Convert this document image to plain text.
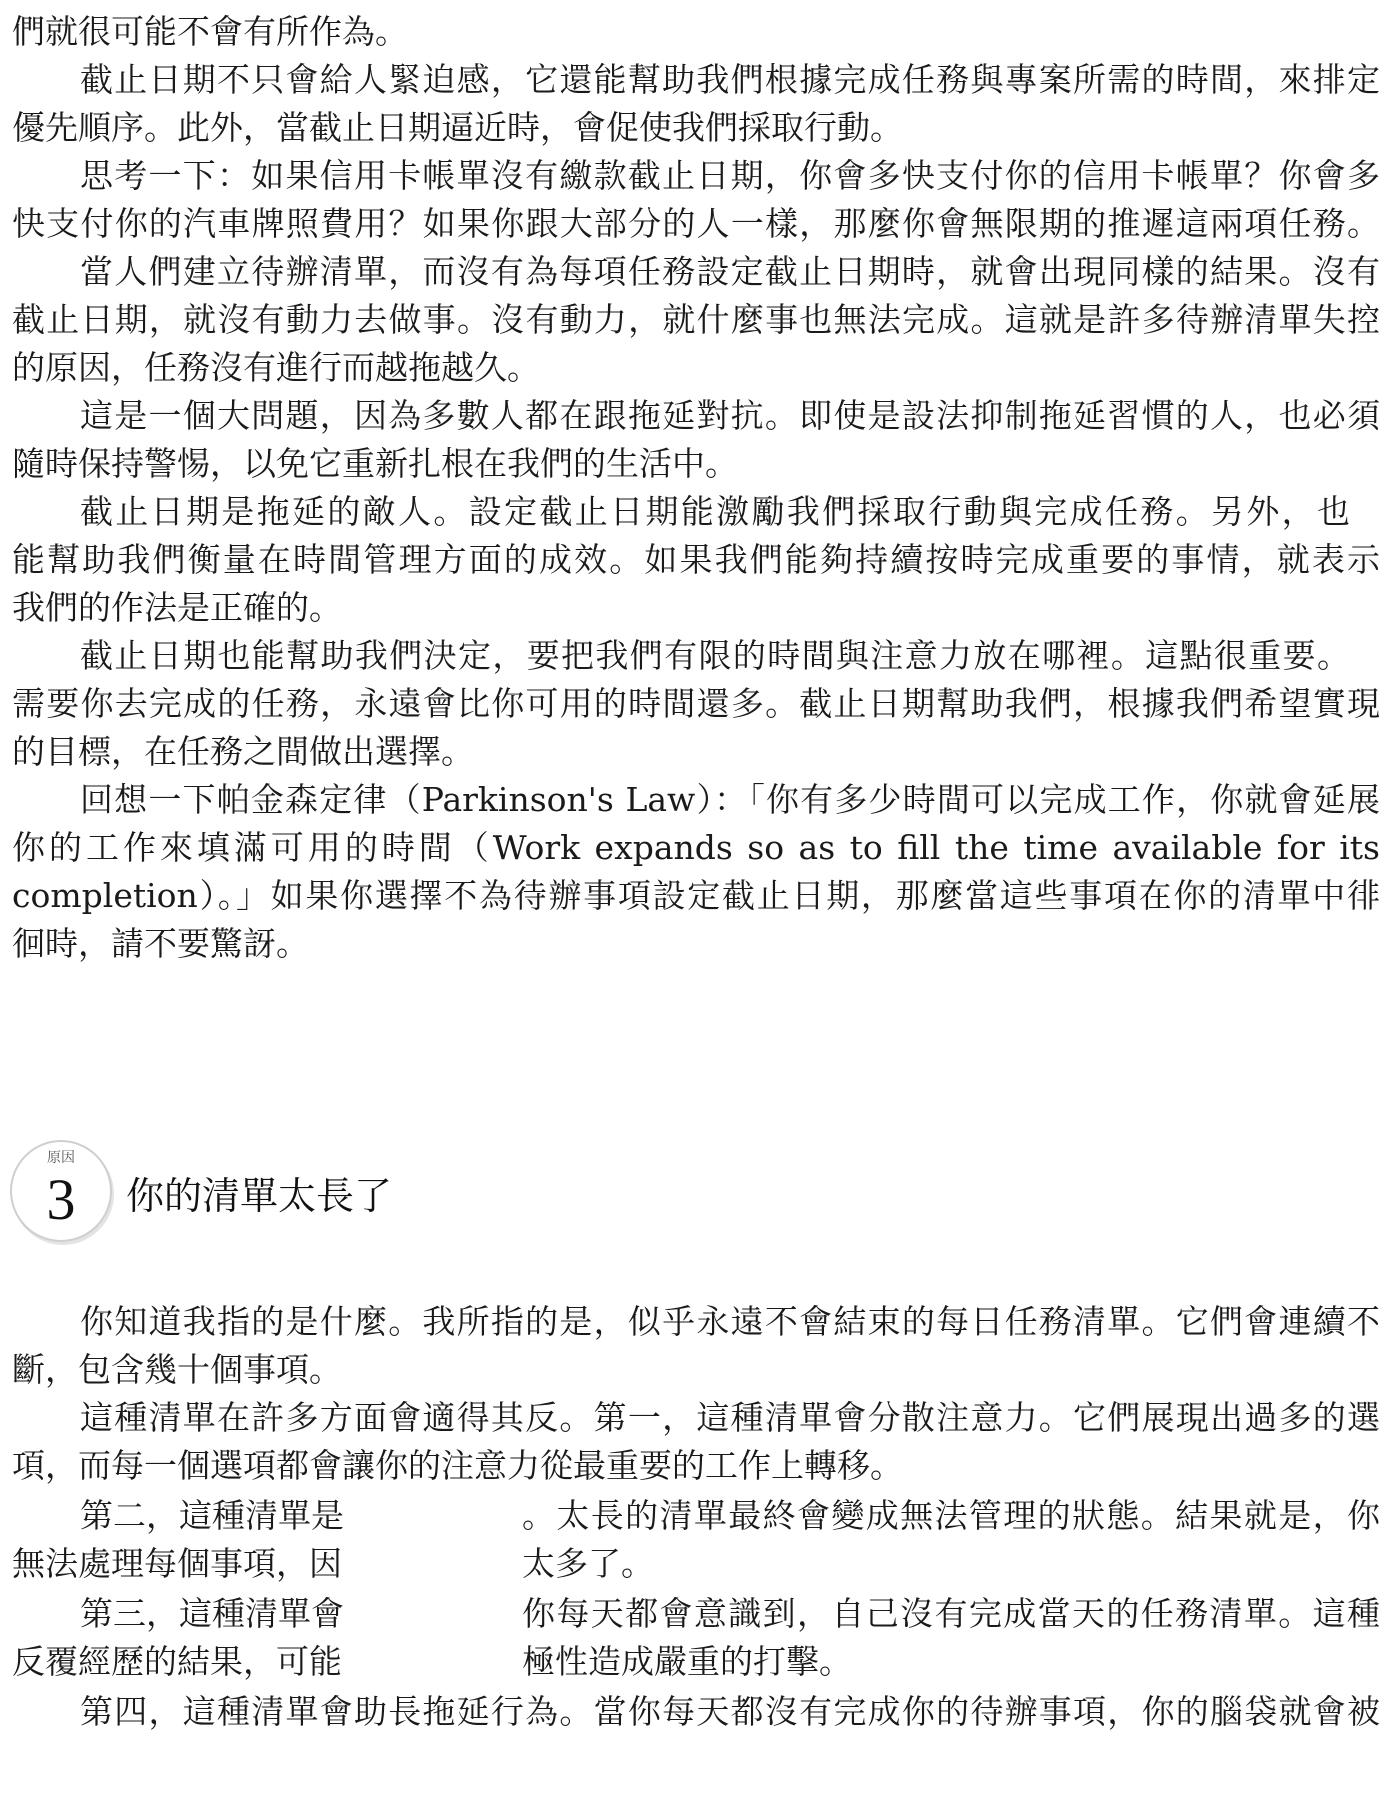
們就很可能不會有所作為。
截止日期不只會給人緊迫感，它還能幫助我們根據完成任務與專案所需的時間，來排定
優先順序。此外，當截止日期逼近時，會促使我們採取行動。
思考一下：如果信用卡帳單沒有繳款截止日期，你會多快支付你的信用卡帳單？你會多
快支付你的汽車牌照費用？如果你跟大部分的人一樣，那麼你會無限期的推遲這兩項任務。
當人們建立待辦清單，而沒有為每項任務設定截止日期時，就會出現同樣的結果。沒有
截止日期，就沒有動力去做事。沒有動力，就什麼事也無法完成。這就是許多待辦清單失控
的原因，任務沒有進行而越拖越久。
這是一個大問題，因為多數人都在跟拖延對抗。即使是設法抑制拖延習慣的人，也必須
隨時保持警惕，以免它重新扎根在我們的生活中。
截止日期是拖延的敵人。設定截止日期能激勵我們採取行動與完成任務。另外，也
能幫助我們衡量在時間管理方面的成效。如果我們能夠持續按時完成重要的事情，就表示
我們的作法是正確的。
截止日期也能幫助我們決定，要把我們有限的時間與注意力放在哪裡。這點很重要。
需要你去完成的任務，永遠會比你可用的時間還多。截止日期幫助我們，根據我們希望實現
的目標，在任務之間做出選擇。
回想一下帕金森定律（Parkinson's Law）：「你有多少時間可以完成工作，你就會延展
你的工作來填滿可用的時間（Work expands so as to fill the time available for its
completion）。」如果你選擇不為待辦事項設定截止日期，那麼當這些事項在你的清單中徘
徊時，請不要驚訝。
原因
3	你的清單太長了
你知道我指的是什麼。我所指的是，似乎永遠不會結束的每日任務清單。它們會連續不
斷，包含幾十個事項。
這種清單在許多方面會適得其反。第一，這種清單會分散注意力。它們展現出過多的選
項，而每一個選項都會讓你的注意力從最重要的工作上轉移。
第二，這種清單是	。太長的清單最終會變成無法管理的狀態。結果就是，你
無法處理每個事項，因	太多了。
第三，這種清單會	你每天都會意識到，自己沒有完成當天的任務清單。這種
反覆經歷的結果，可能	極性造成嚴重的打擊。
第四，這種清單會助長拖延行為。當你每天都沒有完成你的待辦事項，你的腦袋就會被
